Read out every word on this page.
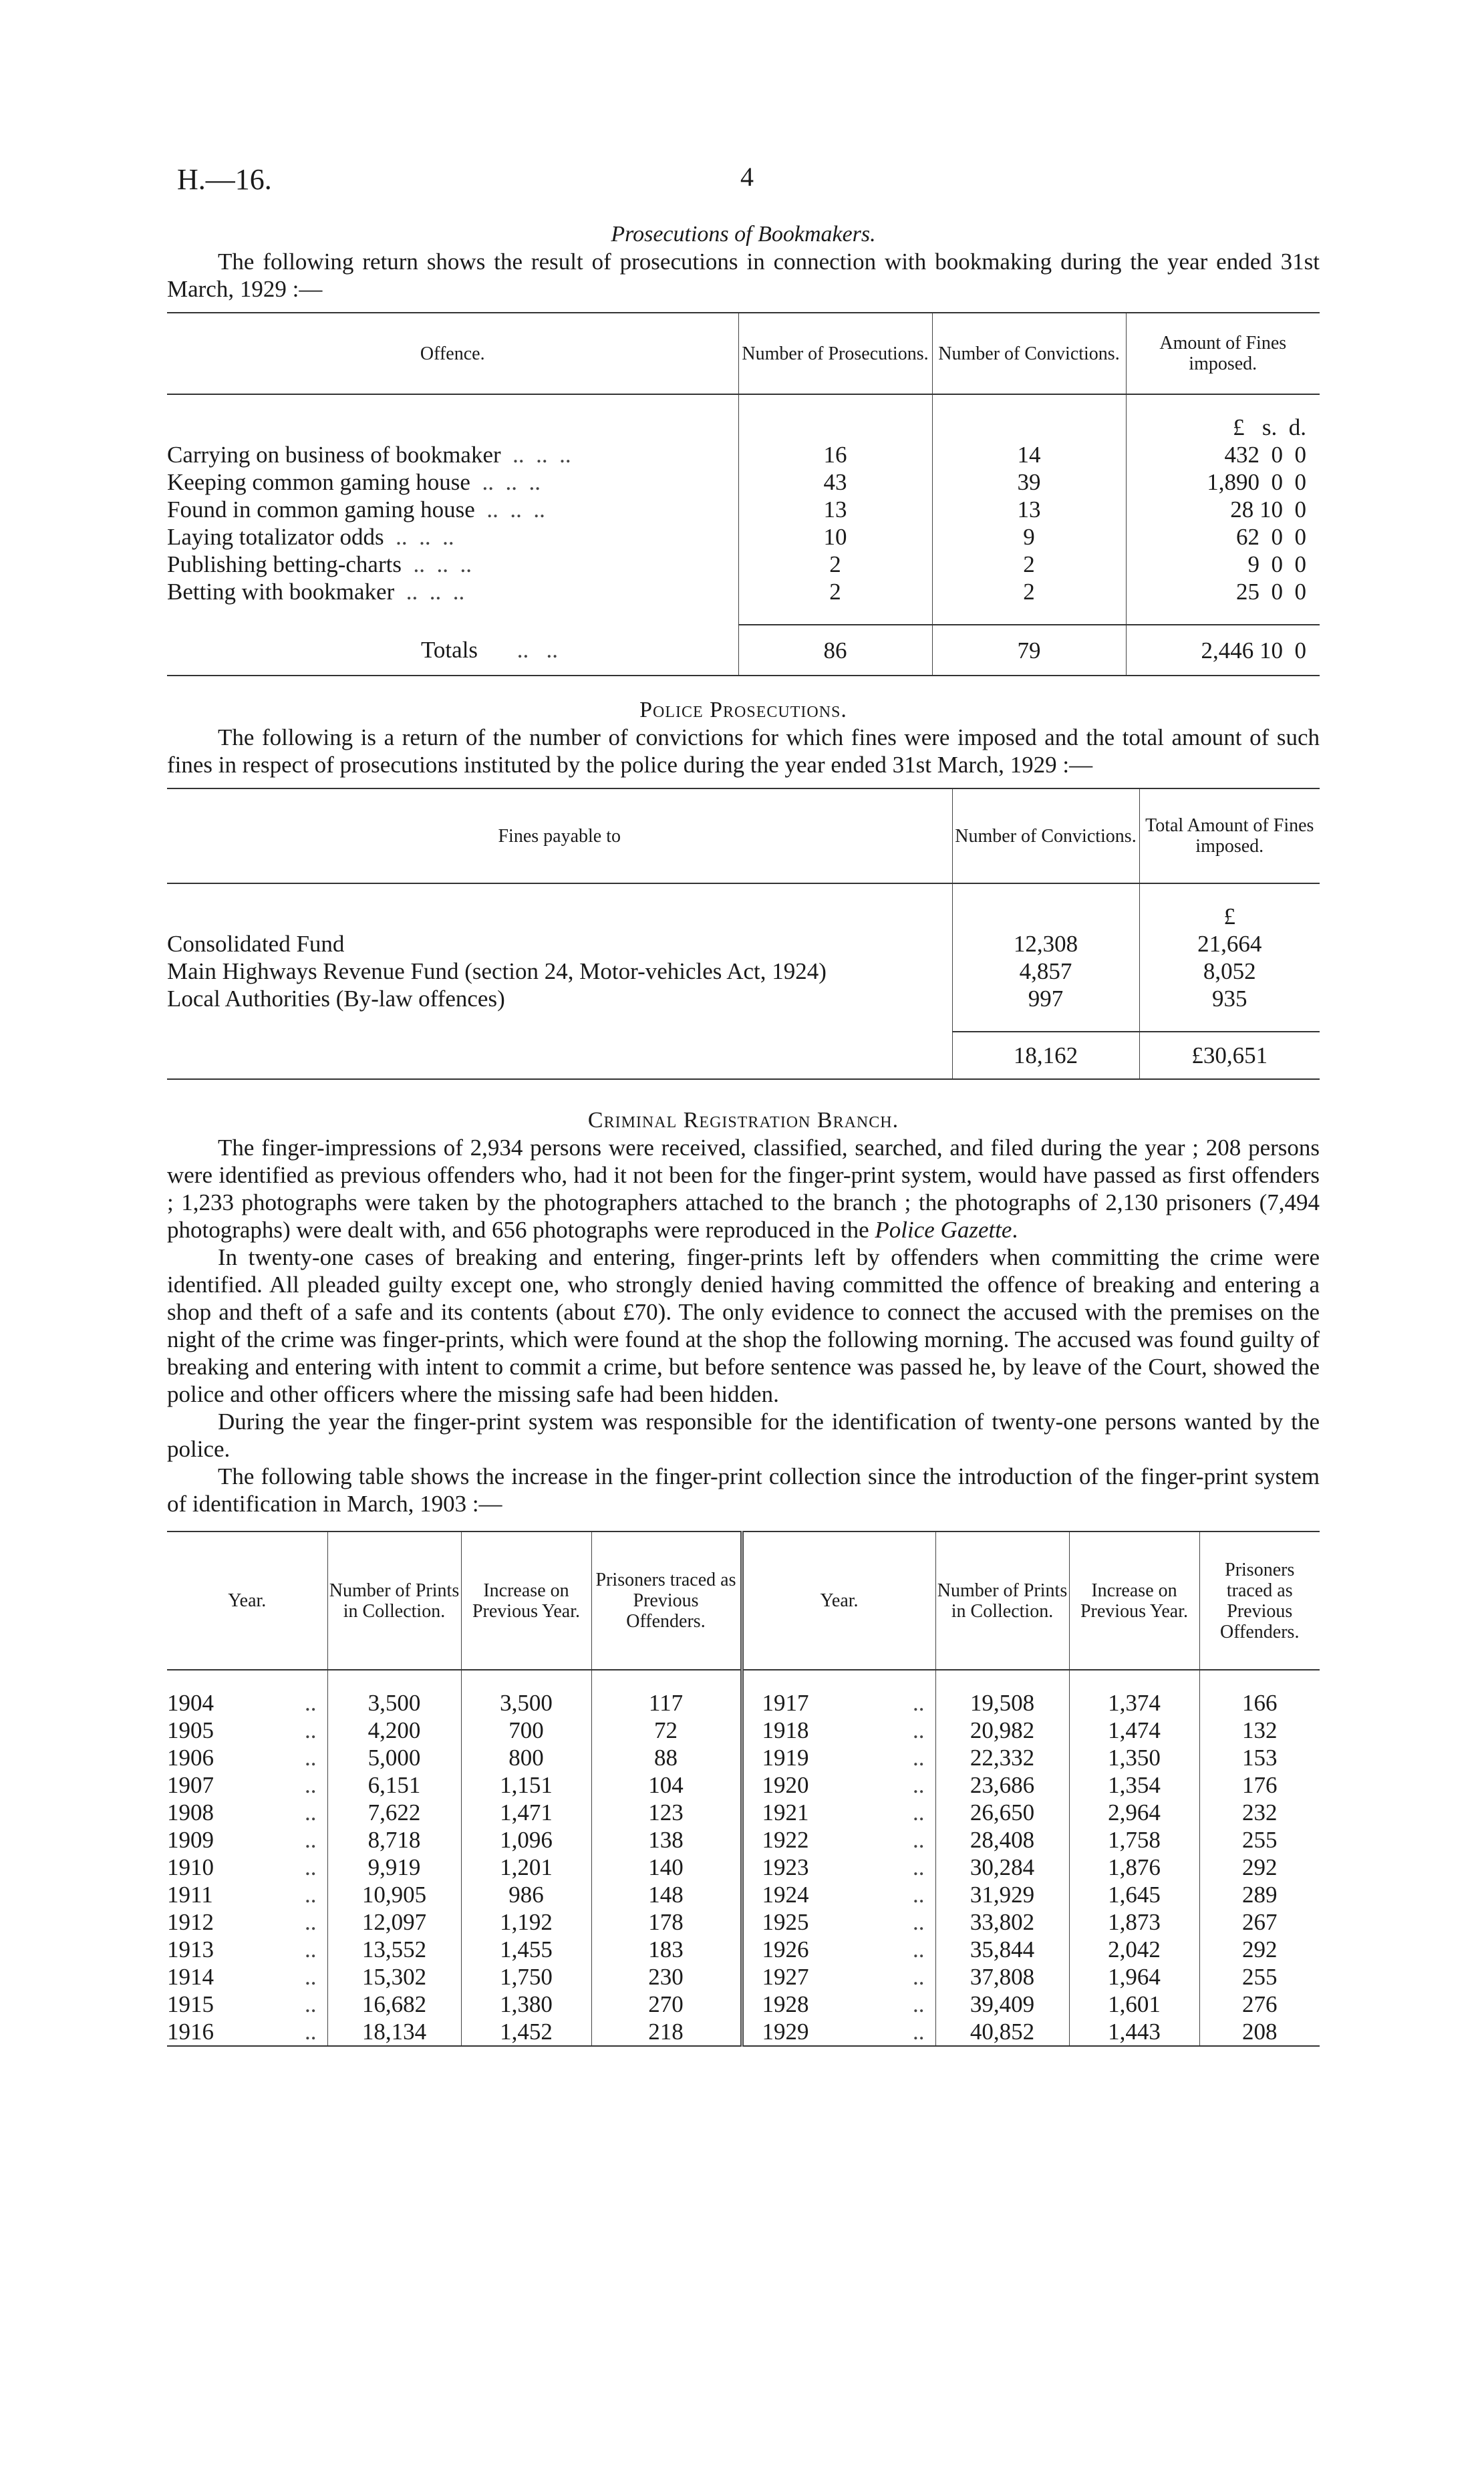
H.—16.	4
Prosecutions of Bookmakers.

The following return shows the result of prosecutions in connection with bookmaking during the year ended 31st March, 1929 :—

Offence.	Number of Prosecutions.	Number of Convictions.	Amount of Fines imposed.

			£   s.  d.
Carrying on business of bookmaker  ..  ..  ..	16	14	432  0  0
Keeping common gaming house  ..  ..  ..	43	39	1,890  0  0
Found in common gaming house  ..  ..  ..	13	13	28 10  0
Laying totalizator odds  ..  ..  ..	10	9	62  0  0
Publishing betting-charts  ..  ..  ..	2	2	9  0  0
Betting with bookmaker  ..  ..  ..	2	2	25  0  0

Totals ..   ..	86	79	2,446 10  0
Police Prosecutions.

The following is a return of the number of convictions for which fines were imposed and the total amount of such fines in respect of prosecutions instituted by the police during the year ended 31st March, 1929 :—

Fines payable to	Number of Convictions.	Total Amount of Fines imposed.

		£
Consolidated Fund	12,308	21,664
Main Highways Revenue Fund (section 24, Motor-vehicles Act, 1924)	4,857	8,052
Local Authorities (By-law offences)	997	935

	18,162	£30,651
Criminal Registration Branch.

The finger-impressions of 2,934 persons were received, classified, searched, and filed during the year ; 208 persons were identified as previous offenders who, had it not been for the finger-print system, would have passed as first offenders ; 1,233 photographs were taken by the photographers attached to the branch ; the photographs of 2,130 prisoners (7,494 photographs) were dealt with, and 656 photographs were reproduced in the Police Gazette.

In twenty-one cases of breaking and entering, finger-prints left by offenders when committing the crime were identified. All pleaded guilty except one, who strongly denied having committed the offence of breaking and entering a shop and theft of a safe and its contents (about £70). The only evidence to connect the accused with the premises on the night of the crime was finger-prints, which were found at the shop the following morning. The accused was found guilty of breaking and entering with intent to commit a crime, but before sentence was passed he, by leave of the Court, showed the police and other officers where the missing safe had been hidden.

During the year the finger-print system was responsible for the identification of twenty-one persons wanted by the police.

The following table shows the increase in the finger-print collection since the introduction of the finger-print system of identification in March, 1903 :—

Year.	Number of Prints in Collection.	Increase on Previous Year.	Prisoners traced as Previous Offenders.	Year.	Number of Prints in Collection.	Increase on Previous Year.	Prisoners traced as Previous Offenders.

1904 ..	3,500	3,500	117	1917 ..	19,508	1,374	166
1905 ..	4,200	700	72	1918 ..	20,982	1,474	132
1906 ..	5,000	800	88	1919 ..	22,332	1,350	153
1907 ..	6,151	1,151	104	1920 ..	23,686	1,354	176
1908 ..	7,622	1,471	123	1921 ..	26,650	2,964	232
1909 ..	8,718	1,096	138	1922 ..	28,408	1,758	255
1910 ..	9,919	1,201	140	1923 ..	30,284	1,876	292
1911 ..	10,905	986	148	1924 ..	31,929	1,645	289
1912 ..	12,097	1,192	178	1925 ..	33,802	1,873	267
1913 ..	13,552	1,455	183	1926 ..	35,844	2,042	292
1914 ..	15,302	1,750	230	1927 ..	37,808	1,964	255
1915 ..	16,682	1,380	270	1928 ..	39,409	1,601	276
1916 ..	18,134	1,452	218	1929 ..	40,852	1,443	208
